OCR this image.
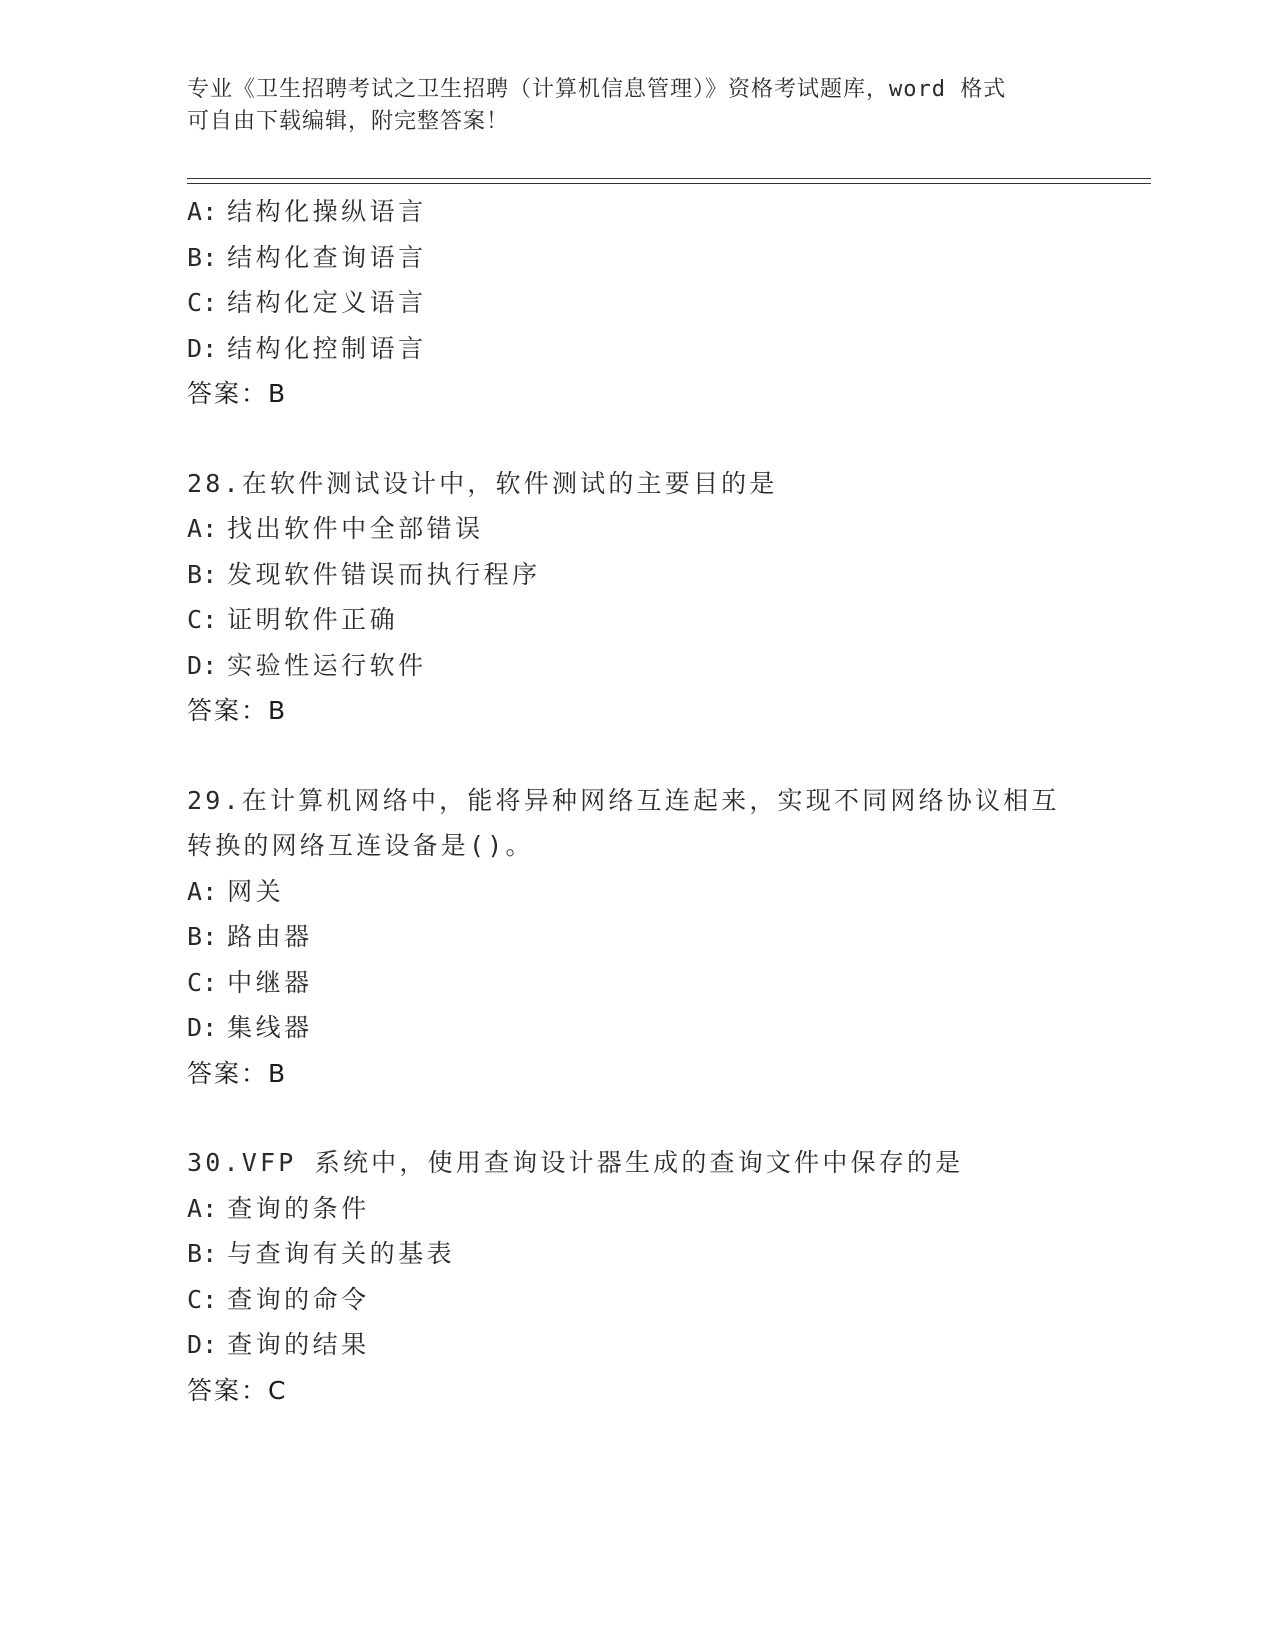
专业《卫生招聘考试之卫生招聘（计算机信息管理）》资格考试题库，word 格式
可自由下载编辑，附完整答案！
A: 结构化操纵语言
B: 结构化查询语言
C: 结构化定义语言
D: 结构化控制语言
答案：B
28.在软件测试设计中，软件测试的主要目的是
A: 找出软件中全部错误
B: 发现软件错误而执行程序
C: 证明软件正确
D: 实验性运行软件
答案：B
29.在计算机网络中，能将异种网络互连起来，实现不同网络协议相互
转换的网络互连设备是()。
A: 网关
B: 路由器
C: 中继器
D: 集线器
答案：B
30.VFP 系统中，使用查询设计器生成的查询文件中保存的是
A: 查询的条件
B: 与查询有关的基表
C: 查询的命令
D: 查询的结果
答案：C
